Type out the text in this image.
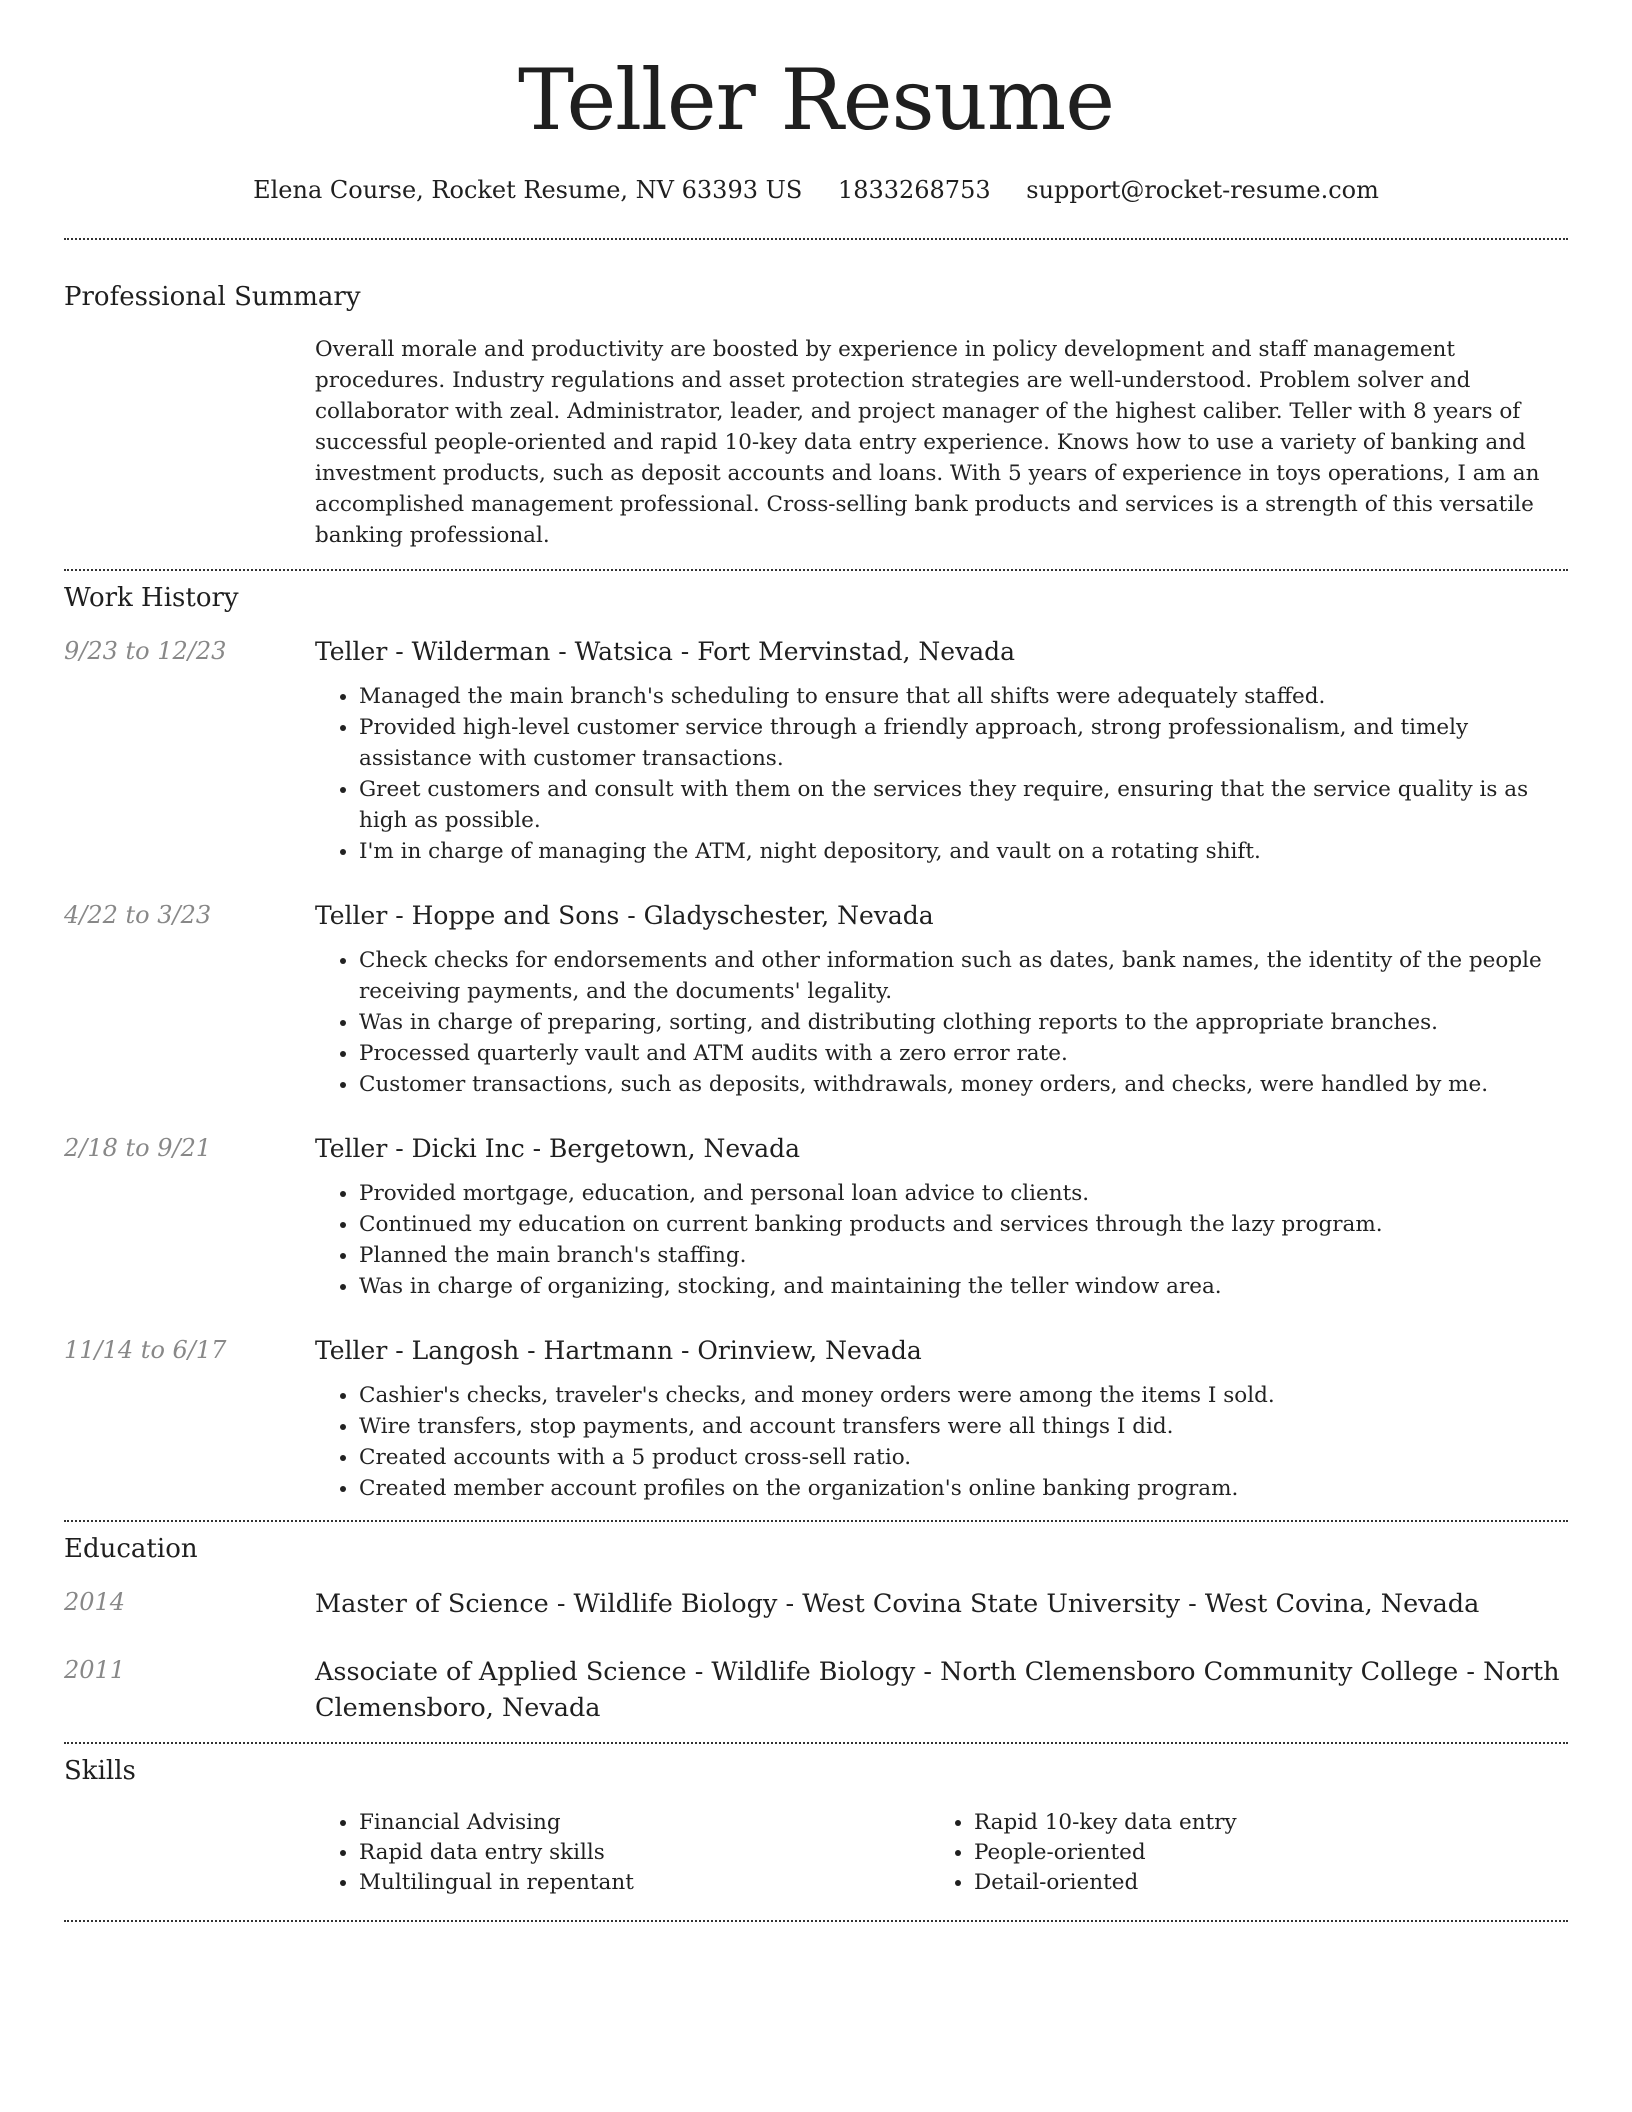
Teller Resume
Elena Course, Rocket Resume, NV 63393 US 1833268753 support@rocket-resume.com
Professional Summary

Overall morale and productivity are boosted by experience in policy development and staff management procedures. Industry regulations and asset protection strategies are well-understood. Problem solver and collaborator with zeal. Administrator, leader, and project manager of the highest caliber. Teller with 8 years of successful people-oriented and rapid 10-key data entry experience. Knows how to use a variety of banking and investment products, such as deposit accounts and loans. With 5 years of experience in toys operations, I am an accomplished management professional. Cross-selling bank products and services is a strength of this versatile banking professional.

Work History
9/23 to 12/23	Teller - Wilderman - Watsica - Fort Mervinstad, Nevada
• Managed the main branch's scheduling to ensure that all shifts were adequately staffed.
• Provided high-level customer service through a friendly approach, strong professionalism, and timely assistance with customer transactions.
• Greet customers and consult with them on the services they require, ensuring that the service quality is as high as possible.
• I'm in charge of managing the ATM, night depository, and vault on a rotating shift.
4/22 to 3/23	Teller - Hoppe and Sons - Gladyschester, Nevada
• Check checks for endorsements and other information such as dates, bank names, the identity of the people receiving payments, and the documents' legality.
• Was in charge of preparing, sorting, and distributing clothing reports to the appropriate branches.
• Processed quarterly vault and ATM audits with a zero error rate.
• Customer transactions, such as deposits, withdrawals, money orders, and checks, were handled by me.
2/18 to 9/21	Teller - Dicki Inc - Bergetown, Nevada
• Provided mortgage, education, and personal loan advice to clients.
• Continued my education on current banking products and services through the lazy program.
• Planned the main branch's staffing.
• Was in charge of organizing, stocking, and maintaining the teller window area.
11/14 to 6/17	Teller - Langosh - Hartmann - Orinview, Nevada
• Cashier's checks, traveler's checks, and money orders were among the items I sold.
• Wire transfers, stop payments, and account transfers were all things I did.
• Created accounts with a 5 product cross-sell ratio.
• Created member account profiles on the organization's online banking program.
Education
2014	Master of Science - Wildlife Biology - West Covina State University - West Covina, Nevada
2011	Associate of Applied Science - Wildlife Biology - North Clemensboro Community College - North Clemensboro, Nevada
Skills
• Financial Advising
• Rapid data entry skills
• Multilingual in repentant
• Rapid 10-key data entry
• People-oriented
• Detail-oriented
